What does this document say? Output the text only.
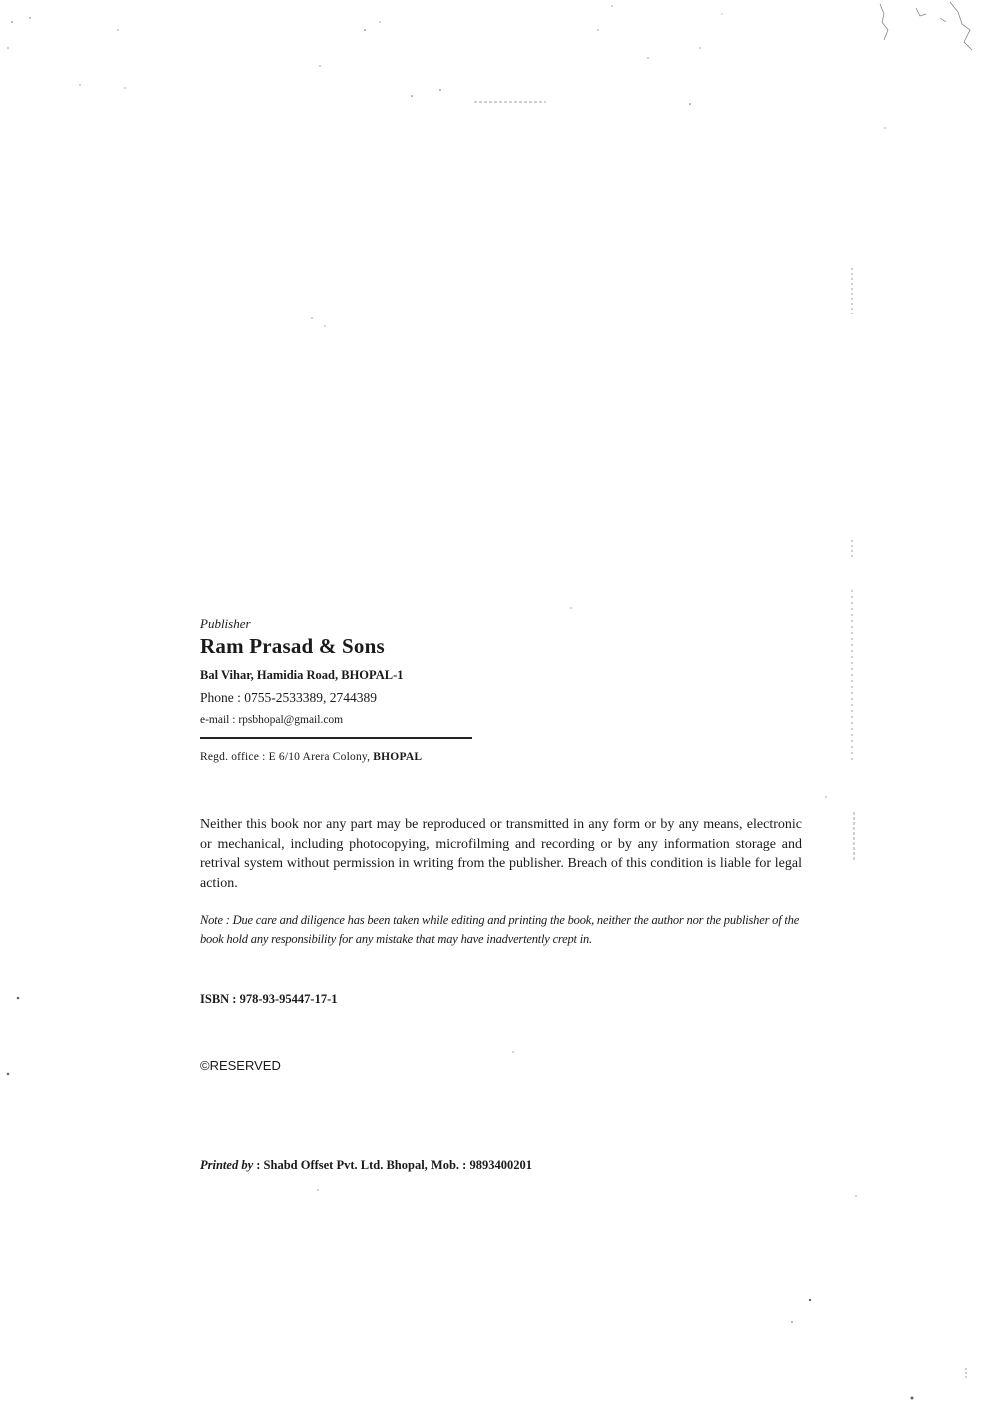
Publisher
Ram Prasad & Sons
Bal Vihar, Hamidia Road, BHOPAL-1
Phone : 0755-2533389, 2744389
e-mail : rpsbhopal@gmail.com
Regd. office : E 6/10 Arera Colony, BHOPAL
Neither this book nor any part may be reproduced or transmitted in any form or by any means, electronic or mechanical, including photocopying, microfilming and recording or by any information storage and retrival system without permission in writing from the publisher. Breach of this condition is liable for legal action.
Note : Due care and diligence has been taken while editing and printing the book, neither the author nor the publisher of the book hold any responsibility for any mistake that may have inadvertently crept in.
ISBN : 978-93-95447-17-1
©RESERVED
Printed by : Shabd Offset Pvt. Ltd. Bhopal, Mob. : 9893400201
